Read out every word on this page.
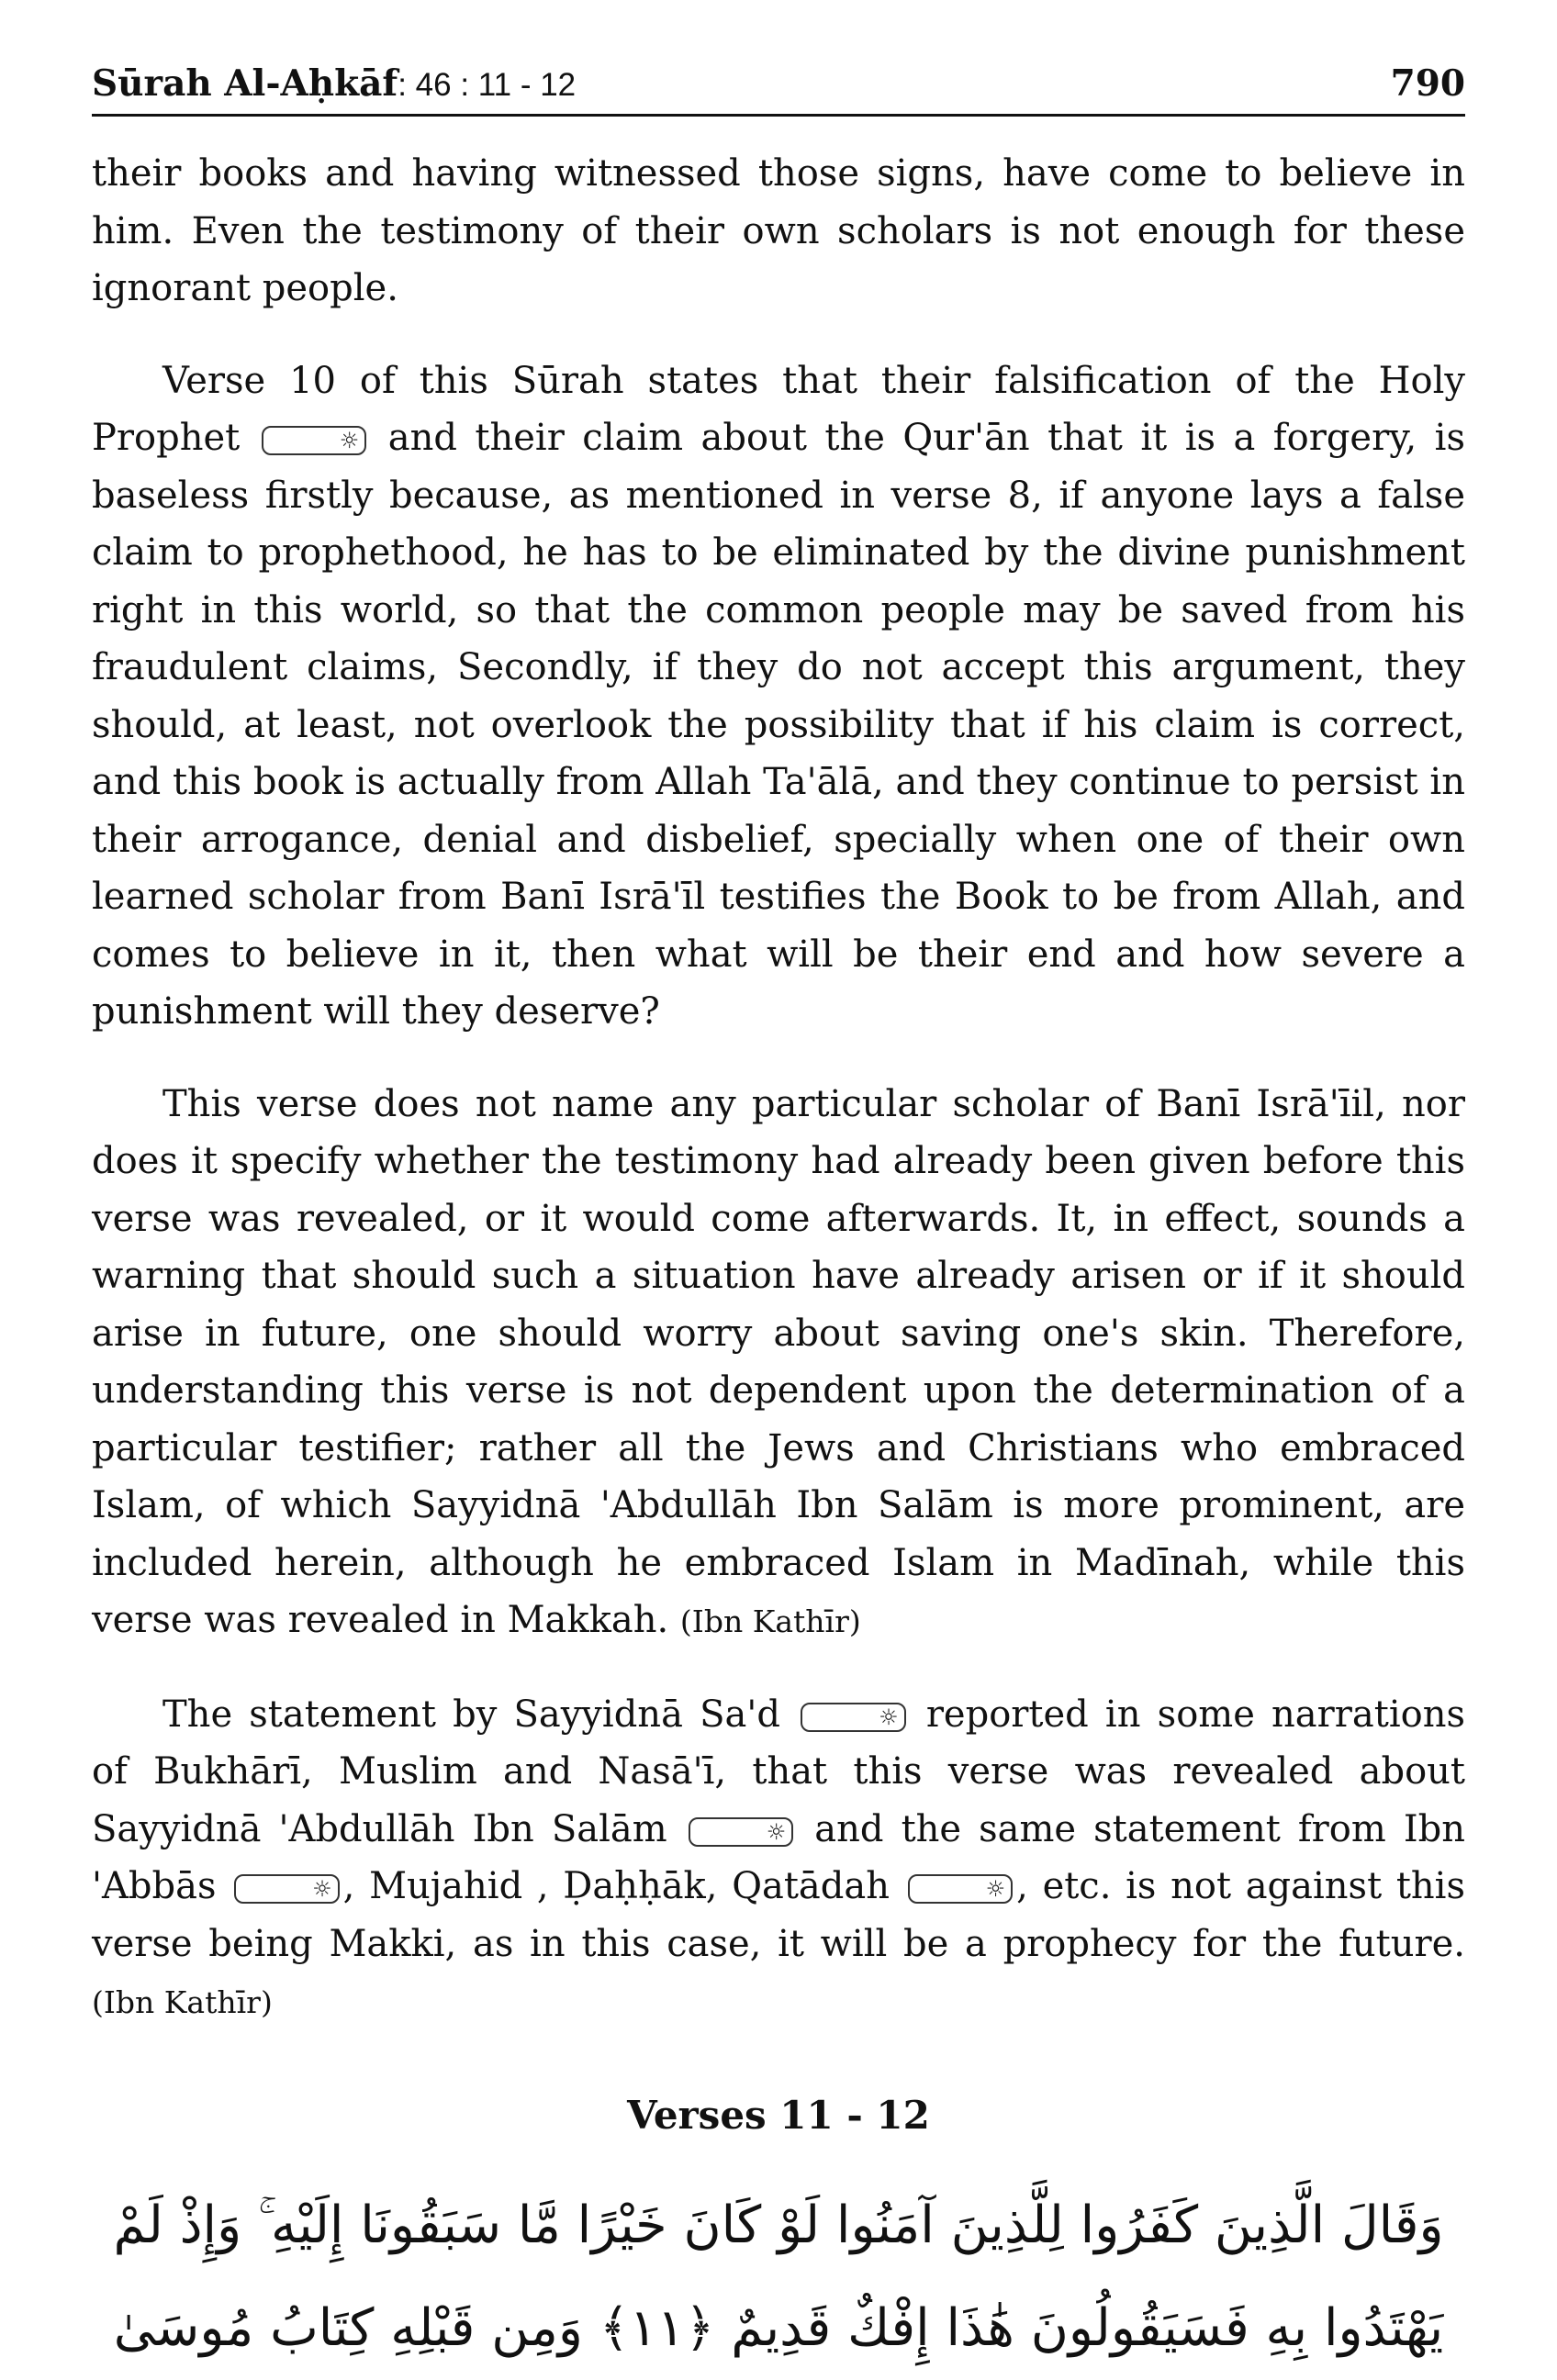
Sūrah Al-Aḥkāf: 46 : 11 - 12	790

their books and having witnessed those signs, have come to believe in him. Even the testimony of their own scholars is not enough for these ignorant people.

Verse 10 of this Sūrah states that their falsification of the Holy Prophet	☼ and their claim about the Qur'ān that it is a forgery, is baseless firstly because, as mentioned in verse 8, if anyone lays a false claim to prophethood, he has to be eliminated by the divine punishment right in this world, so that the common people may be saved from his fraudulent claims, Secondly, if they do not accept this argument, they should, at least, not overlook the possibility that if his claim is correct, and this book is actually from Allah Ta'ālā, and they continue to persist in their arrogance, denial and disbelief, specially when one of their own learned scholar from Banī Isrā'īl testifies the Book to be from Allah, and comes to believe in it, then what will be their end and how severe a punishment will they deserve?

This verse does not name any particular scholar of Banī Isrā'īil, nor does it specify whether the testimony had already been given before this verse was revealed, or it would come afterwards. It, in effect, sounds a warning that should such a situation have already arisen or if it should arise in future, one should worry about saving one's skin. Therefore, understanding this verse is not dependent upon the determination of a particular testifier; rather all the Jews and Christians who embraced Islam, of which Sayyidnā 'Abdullāh Ibn Salām is more prominent, are included herein, although he embraced Islam in Madīnah, while this verse was revealed in Makkah. (Ibn Kathīr)

The statement by Sayyidnā Sa'd	☼ reported in some narrations of Bukhārī, Muslim and Nasā'ī, that this verse was revealed about Sayyidnā 'Abdullāh Ibn Salām	☼ and the same statement from Ibn 'Abbās	☼ , Mujahid , Ḍaḥḥāk, Qatādah	☼ , etc. is not against this verse being Makki, as in this case, it will be a prophecy for the future. (Ibn Kathīr)

Verses 11 - 12
وَقَالَ الَّذِينَ كَفَرُوا لِلَّذِينَ آمَنُوا لَوْ كَانَ خَيْرًا مَّا سَبَقُونَا إِلَيْهِ ۚ وَإِذْ لَمْ
يَهْتَدُوا بِهِ فَسَيَقُولُونَ هَٰذَا إِفْكٌ قَدِيمٌ ﴿١١﴾ وَمِن قَبْلِهِ كِتَابُ مُوسَىٰ
